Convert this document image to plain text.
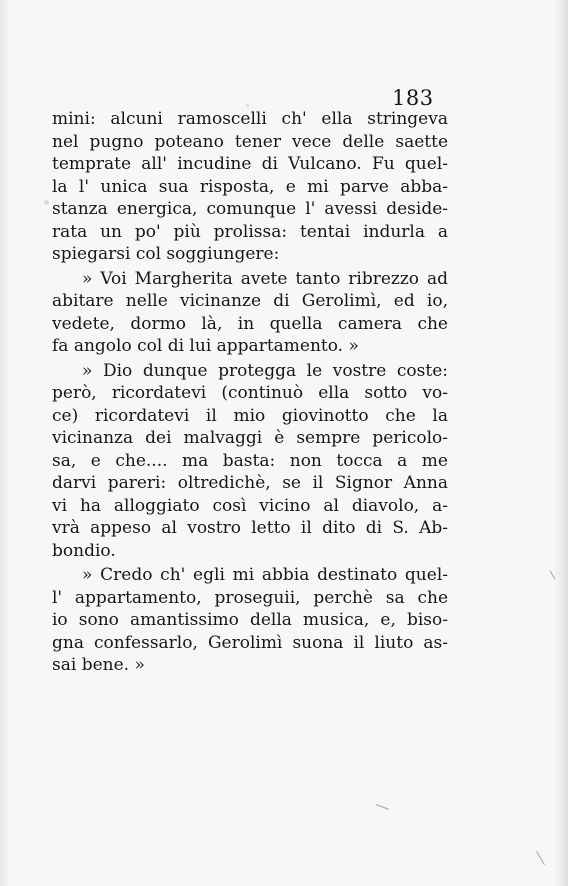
183
mini: alcuni ramoscelli ch' ella stringeva
nel pugno poteano tener vece delle saette
temprate all' incudine di Vulcano. Fu quel-
la l' unica sua risposta, e mi parve abba-
stanza energica, comunque l' avessi deside-
rata un po' più prolissa: tentai indurla a
spiegarsi col soggiungere:
» Voi Margherita avete tanto ribrezzo ad
abitare nelle vicinanze di Gerolimì, ed io,
vedete, dormo là, in quella camera che
fa angolo col di lui appartamento. »
» Dio dunque protegga le vostre coste:
però, ricordatevi (continuò ella sotto vo-
ce) ricordatevi il mio giovinotto che la
vicinanza dei malvaggi è sempre pericolo-
sa, e che.... ma basta: non tocca a me
darvi pareri: oltredichè, se il Signor Anna
vi ha alloggiato così vicino al diavolo, a-
vrà appeso al vostro letto il dito di S. Ab-
bondio.
» Credo ch' egli mi abbia destinato quel-
l' appartamento, proseguii, perchè sa che
io sono amantissimo della musica, e, biso-
gna confessarlo, Gerolimì suona il liuto as-
sai bene. »
